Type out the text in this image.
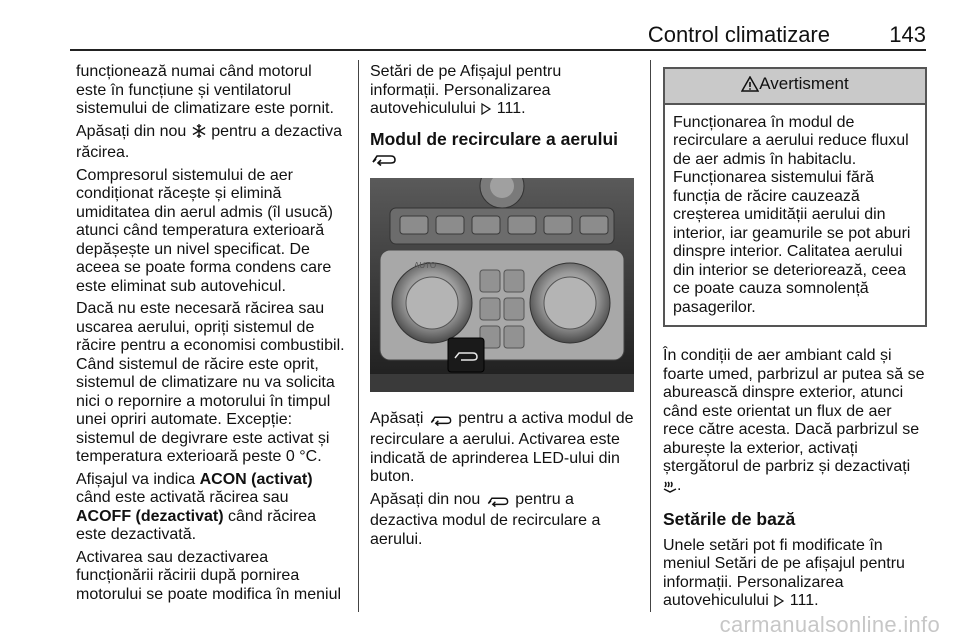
Control climatizare	143

funcționează numai când motorul este în funcțiune și ventilatorul sistemului de climatizare este pornit.

Apăsați din nou pentru a dezactiva răcirea.

Compresorul sistemului de aer condiționat răcește și elimină umiditatea din aerul admis (îl usucă) atunci când temperatura exterioară depășește un nivel specificat. De aceea se poate forma condens care este eliminat sub autovehicul.

Dacă nu este necesară răcirea sau uscarea aerului, opriți sistemul de răcire pentru a economisi combustibil. Când sistemul de răcire este oprit, sistemul de climatizare nu va solicita nici o repornire a motorului în timpul unei opriri automate. Excepție: sistemul de degivrare este activat și temperatura exterioară peste 0 °C.

Afișajul va indica ACON (activat) când este activată răcirea sau ACOFF (dezactivat) când răcirea este dezactivată.

Activarea sau dezactivarea funcționării răcirii după pornirea motorului se poate modifica în meniul

Setări de pe Afișajul pentru informații. Personalizarea autovehiculului 111.

Modul de recirculare a aerului
AUTO

Apăsați pentru a activa modul de recirculare a aerului. Activarea este indicată de aprinderea LED-ului din buton.

Apăsați din nou pentru a dezactiva modul de recirculare a aerului.

Avertisment
Funcționarea în modul de recirculare a aerului reduce fluxul de aer admis în habitaclu. Funcționarea sistemului fără funcția de răcire cauzează creșterea umidității aerului din interior, iar geamurile se pot aburi dinspre interior. Calitatea aerului din interior se deteriorează, ceea ce poate cauza somnolență pasagerilor.

În condiții de aer ambiant cald și foarte umed, parbrizul ar putea să se aburească dinspre exterior, atunci când este orientat un flux de aer rece către acesta. Dacă parbrizul se aburește la exterior, activați ștergătorul de parbriz și dezactivați .

Setările de bază

Unele setări pot fi modificate în meniul Setări de pe afișajul pentru informații. Personalizarea autovehiculului 111.

carmanualsonline.info
